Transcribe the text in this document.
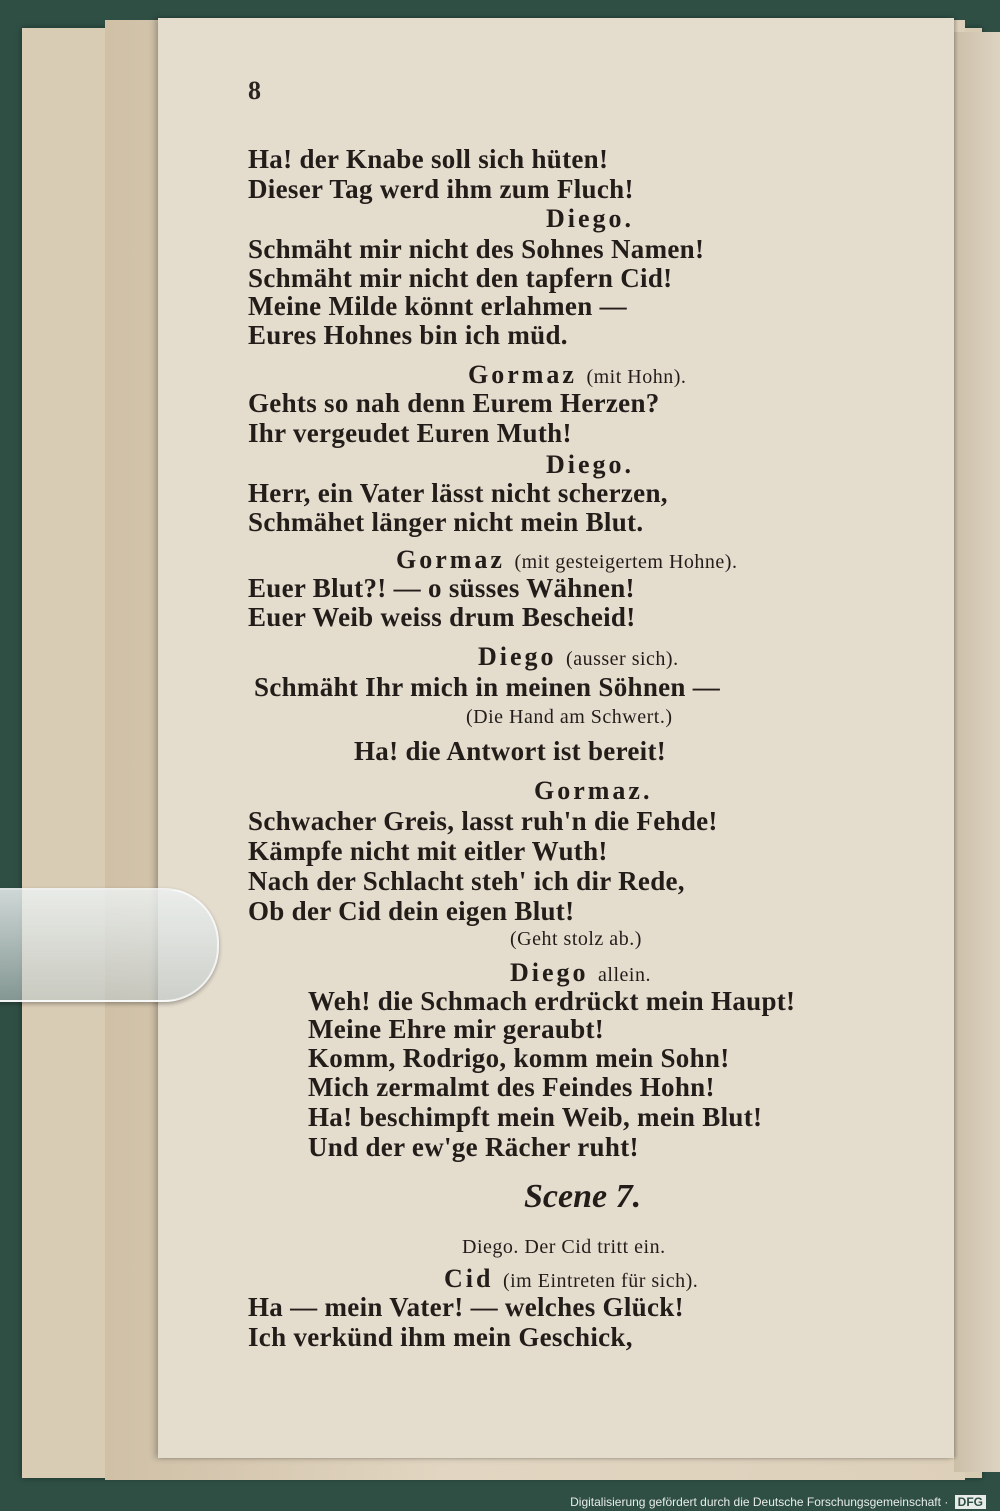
8
Ha! der Knabe soll sich hüten!
Dieser Tag werd ihm zum Fluch!
Diego.
Schmäht mir nicht des Sohnes Namen!
Schmäht mir nicht den tapfern Cid!
Meine Milde könnt erlahmen —
Eures Hohnes bin ich müd.
Gormaz (mit Hohn).
Gehts so nah denn Eurem Herzen?
Ihr vergeudet Euren Muth!
Diego.
Herr, ein Vater lässt nicht scherzen,
Schmähet länger nicht mein Blut.
Gormaz (mit gesteigertem Hohne).
Euer Blut?! — o süsses Wähnen!
Euer Weib weiss drum Bescheid!
Diego (ausser sich).
Schmäht Ihr mich in meinen Söhnen —
(Die Hand am Schwert.)
Ha! die Antwort ist bereit!
Gormaz.
Schwacher Greis, lasst ruh'n die Fehde!
Kämpfe nicht mit eitler Wuth!
Nach der Schlacht steh' ich dir Rede,
Ob der Cid dein eigen Blut!
(Geht stolz ab.)
Diego allein.
Weh! die Schmach erdrückt mein Haupt!
Meine Ehre mir geraubt!
Komm, Rodrigo, komm mein Sohn!
Mich zermalmt des Feindes Hohn!
Ha! beschimpft mein Weib, mein Blut!
Und der ew'ge Rächer ruht!
Scene 7.
Diego. Der Cid tritt ein.
Cid (im Eintreten für sich).
Ha — mein Vater! — welches Glück!
Ich verkünd ihm mein Geschick,
Digitalisierung gefördert durch die Deutsche Forschungsgemeinschaft · DFG
